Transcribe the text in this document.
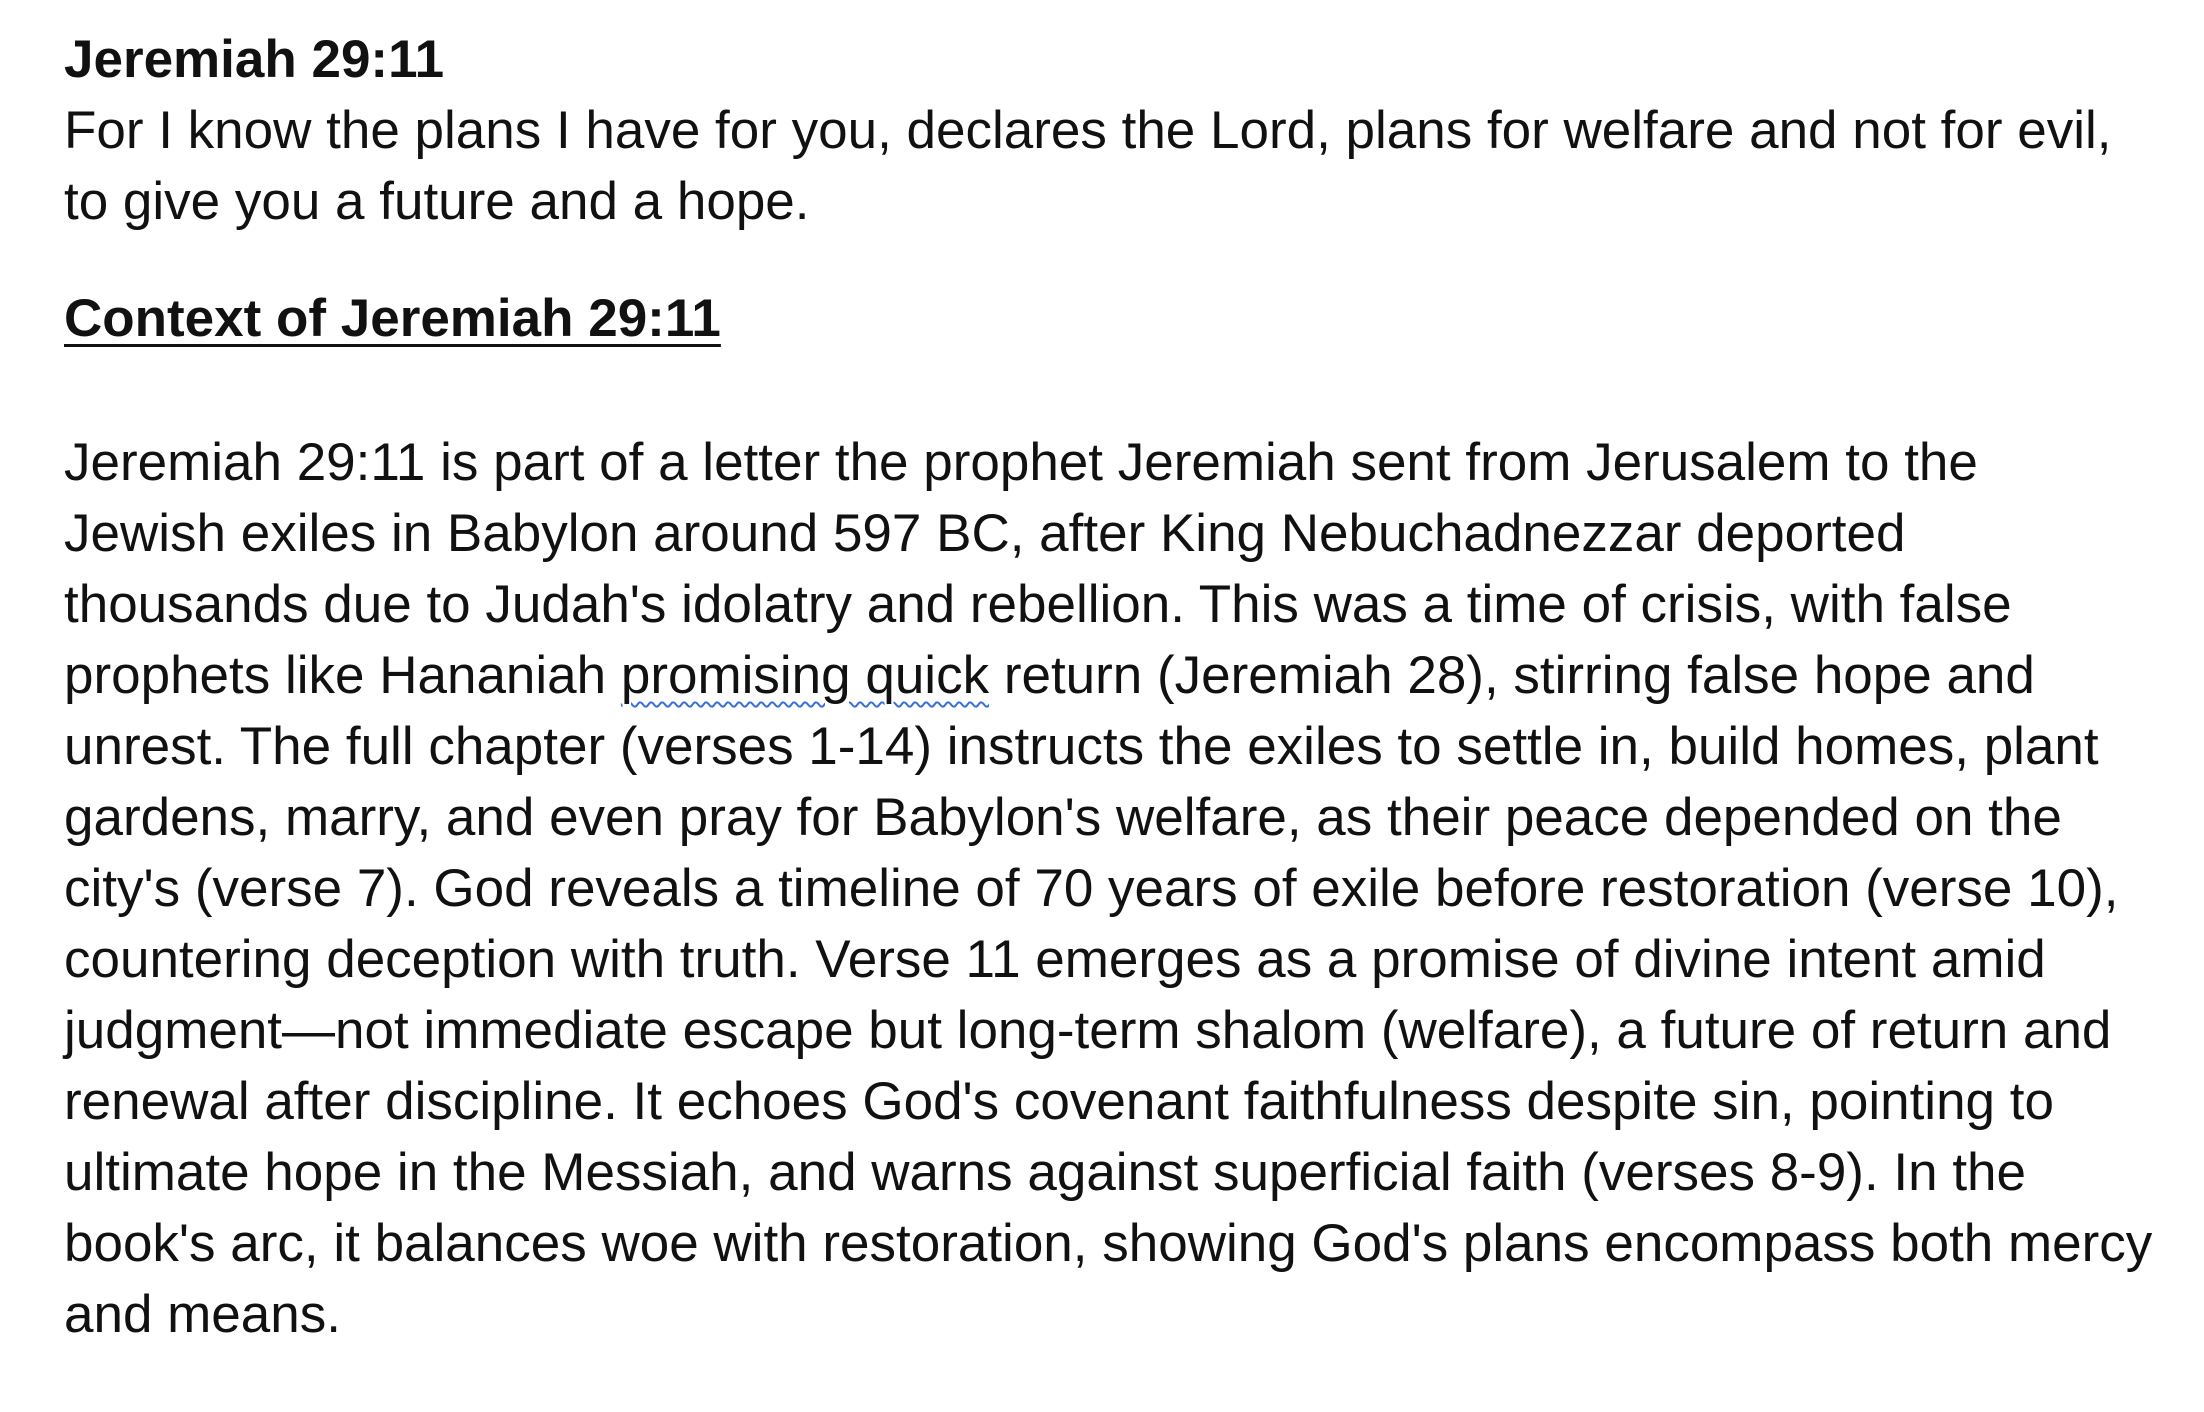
Jeremiah 29:11

For I know the plans I have for you, declares the Lord, plans for welfare and not for evil, to give you a future and a hope.

Context of Jeremiah 29:11

Jeremiah 29:11 is part of a letter the prophet Jeremiah sent from Jerusalem to the Jewish exiles in Babylon around 597 BC, after King Nebuchadnezzar deported thousands due to Judah's idolatry and rebellion. This was a time of crisis, with false prophets like Hananiah promising quick return (Jeremiah 28), stirring false hope and unrest. The full chapter (verses 1-14) instructs the exiles to settle in, build homes, plant gardens, marry, and even pray for Babylon's welfare, as their peace depended on the city's (verse 7). God reveals a timeline of 70 years of exile before restoration (verse 10), countering deception with truth. Verse 11 emerges as a promise of divine intent amid judgment—not immediate escape but long-term shalom (welfare), a future of return and renewal after discipline. It echoes God's covenant faithfulness despite sin, pointing to ultimate hope in the Messiah, and warns against superficial faith (verses 8-9). In the book's arc, it balances woe with restoration, showing God's plans encompass both mercy and means.
